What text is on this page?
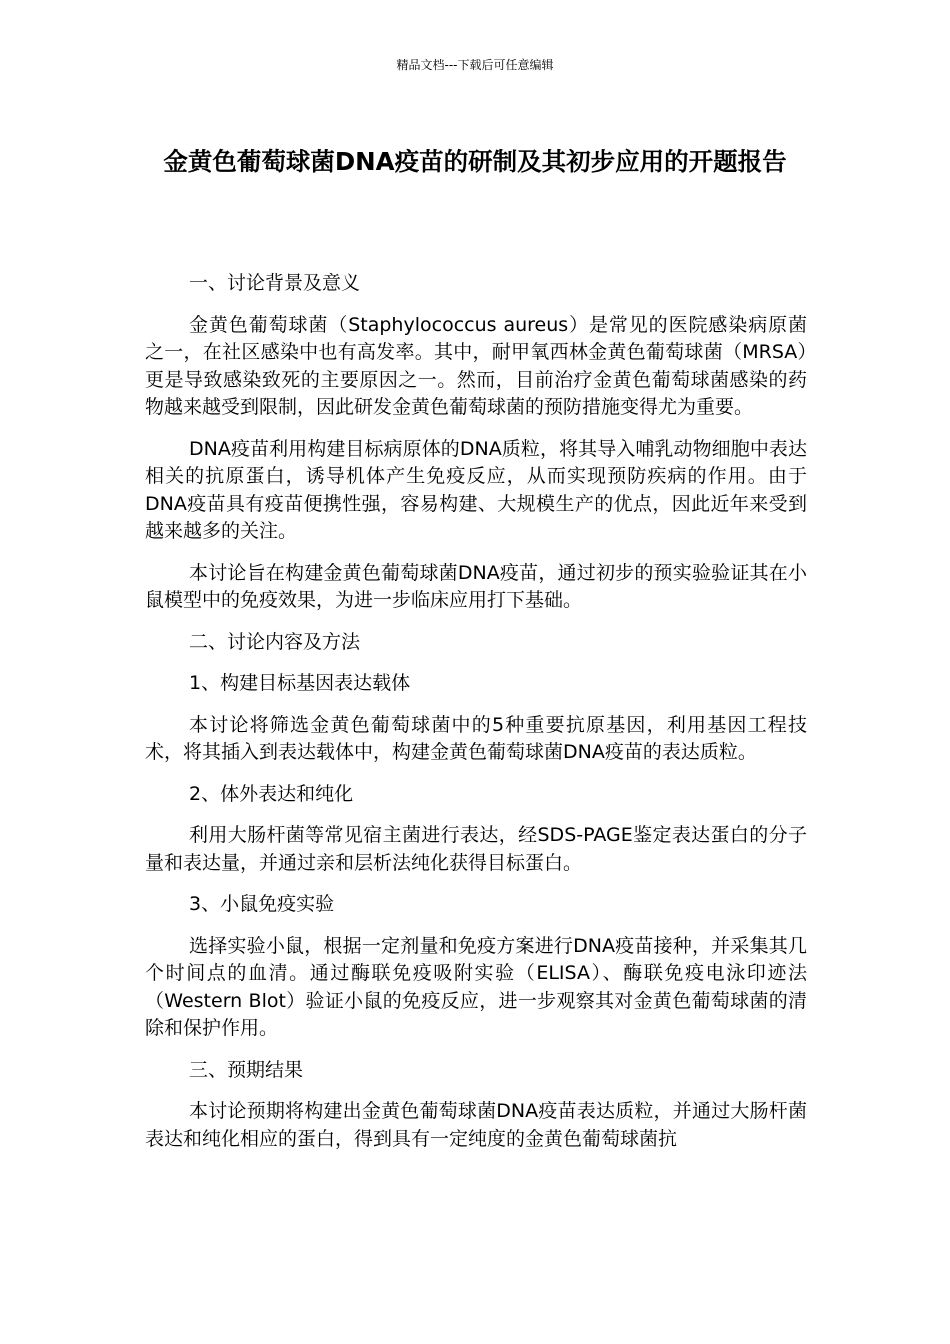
精品文档---下载后可任意编辑
金黄色葡萄球菌DNA疫苗的研制及其初步应用的开题报告

一、讨论背景及意义

金黄色葡萄球菌（Staphylococcus aureus）是常见的医院感染病原菌之一，在社区感染中也有高发率。其中，耐甲氧西林金黄色葡萄球菌（MRSA）更是导致感染致死的主要原因之一。然而，目前治疗金黄色葡萄球菌感染的药物越来越受到限制，因此研发金黄色葡萄球菌的预防措施变得尤为重要。

DNA疫苗利用构建目标病原体的DNA质粒，将其导入哺乳动物细胞中表达相关的抗原蛋白，诱导机体产生免疫反应，从而实现预防疾病的作用。由于DNA疫苗具有疫苗便携性强，容易构建、大规模生产的优点，因此近年来受到越来越多的关注。

本讨论旨在构建金黄色葡萄球菌DNA疫苗，通过初步的预实验验证其在小鼠模型中的免疫效果，为进一步临床应用打下基础。

二、讨论内容及方法

1、构建目标基因表达载体

本讨论将筛选金黄色葡萄球菌中的5种重要抗原基因，利用基因工程技术，将其插入到表达载体中，构建金黄色葡萄球菌DNA疫苗的表达质粒。

2、体外表达和纯化

利用大肠杆菌等常见宿主菌进行表达，经SDS-PAGE鉴定表达蛋白的分子量和表达量，并通过亲和层析法纯化获得目标蛋白。

3、小鼠免疫实验

选择实验小鼠，根据一定剂量和免疫方案进行DNA疫苗接种，并采集其几个时间点的血清。通过酶联免疫吸附实验（ELISA）、酶联免疫电泳印迹法（Western Blot）验证小鼠的免疫反应，进一步观察其对金黄色葡萄球菌的清除和保护作用。

三、预期结果

本讨论预期将构建出金黄色葡萄球菌DNA疫苗表达质粒，并通过大肠杆菌表达和纯化相应的蛋白，得到具有一定纯度的金黄色葡萄球菌抗
